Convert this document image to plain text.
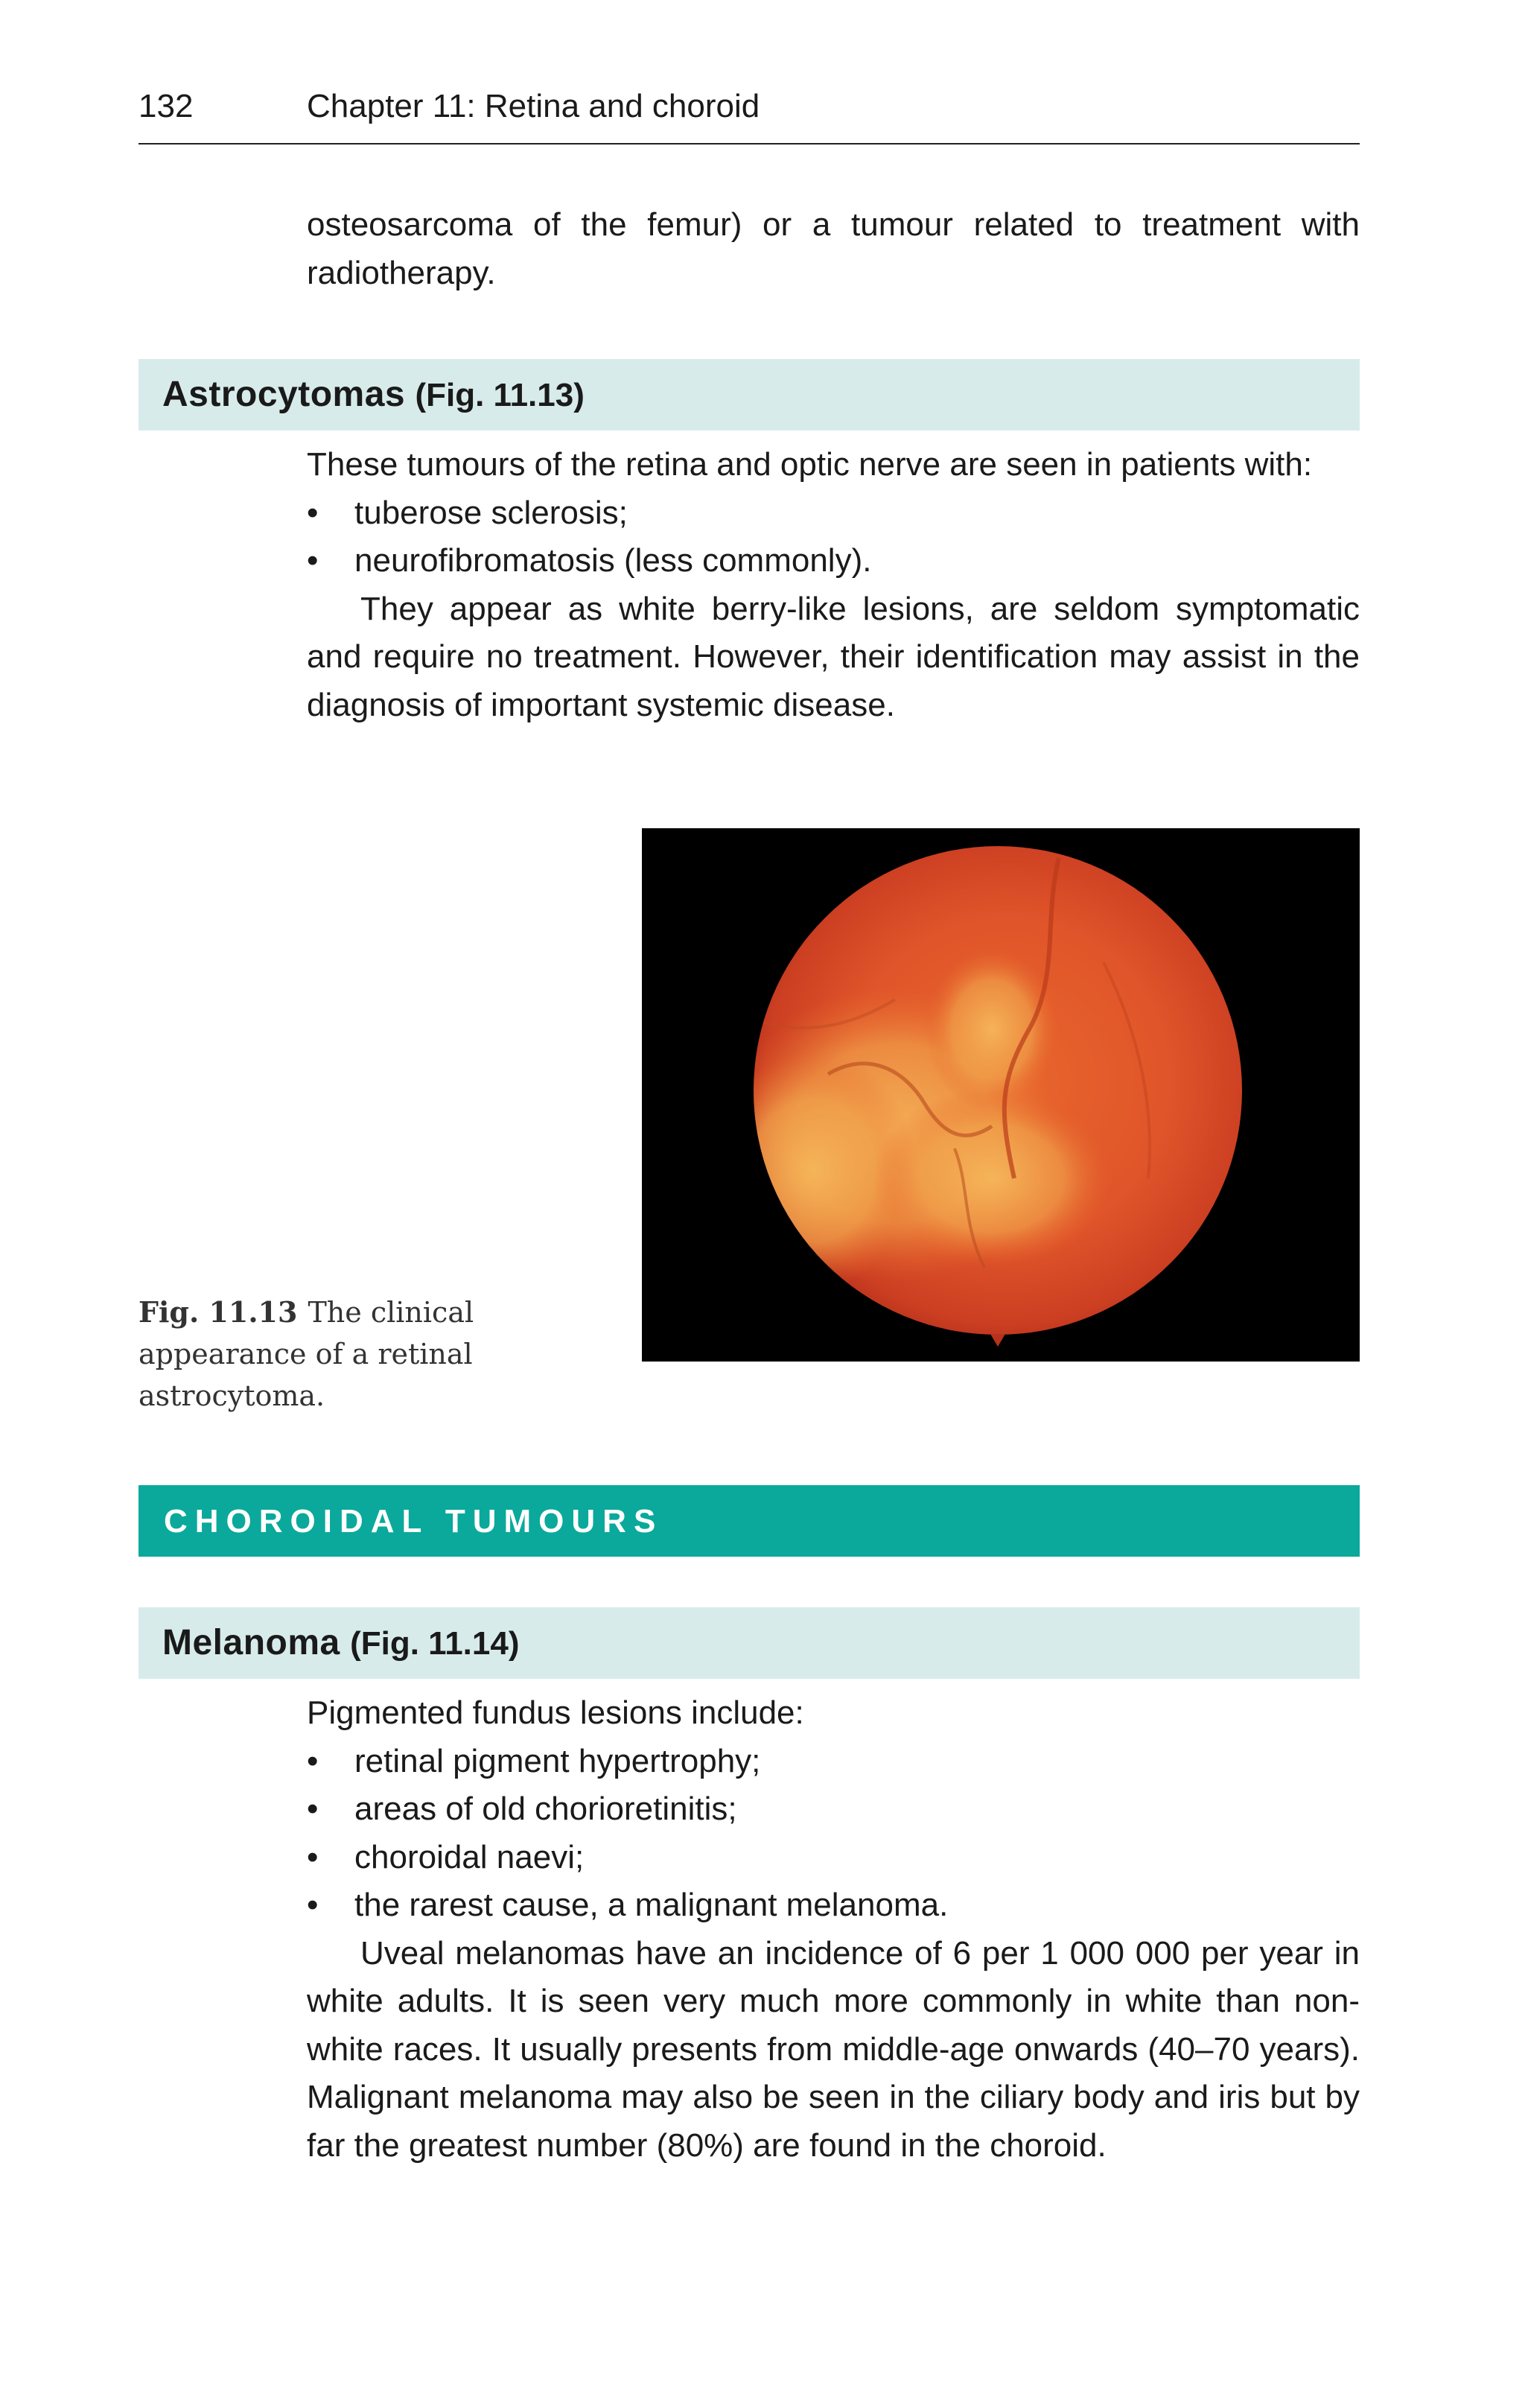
132	Chapter 11: Retina and choroid

osteosarcoma of the femur) or a tumour related to treatment with radiotherapy.

Astrocytomas (Fig. 11.13)
These tumours of the retina and optic nerve are seen in patients with:
• tuberose sclerosis;
• neurofibromatosis (less commonly).
They appear as white berry-like lesions, are seldom symptomatic and require no treatment. However, their identification may assist in the diagnosis of important systemic disease.
Fig. 11.13 The clinical appearance of a retinal astrocytoma.
CHOROIDAL TUMOURS
Melanoma (Fig. 11.14)
Pigmented fundus lesions include:
• retinal pigment hypertrophy;
• areas of old chorioretinitis;
• choroidal naevi;
• the rarest cause, a malignant melanoma.
Uveal melanomas have an incidence of 6 per 1 000 000 per year in white adults. It is seen very much more commonly in white than non-white races. It usually presents from middle-age onwards (40–70 years). Malignant melanoma may also be seen in the ciliary body and iris but by far the greatest number (80%) are found in the choroid.
